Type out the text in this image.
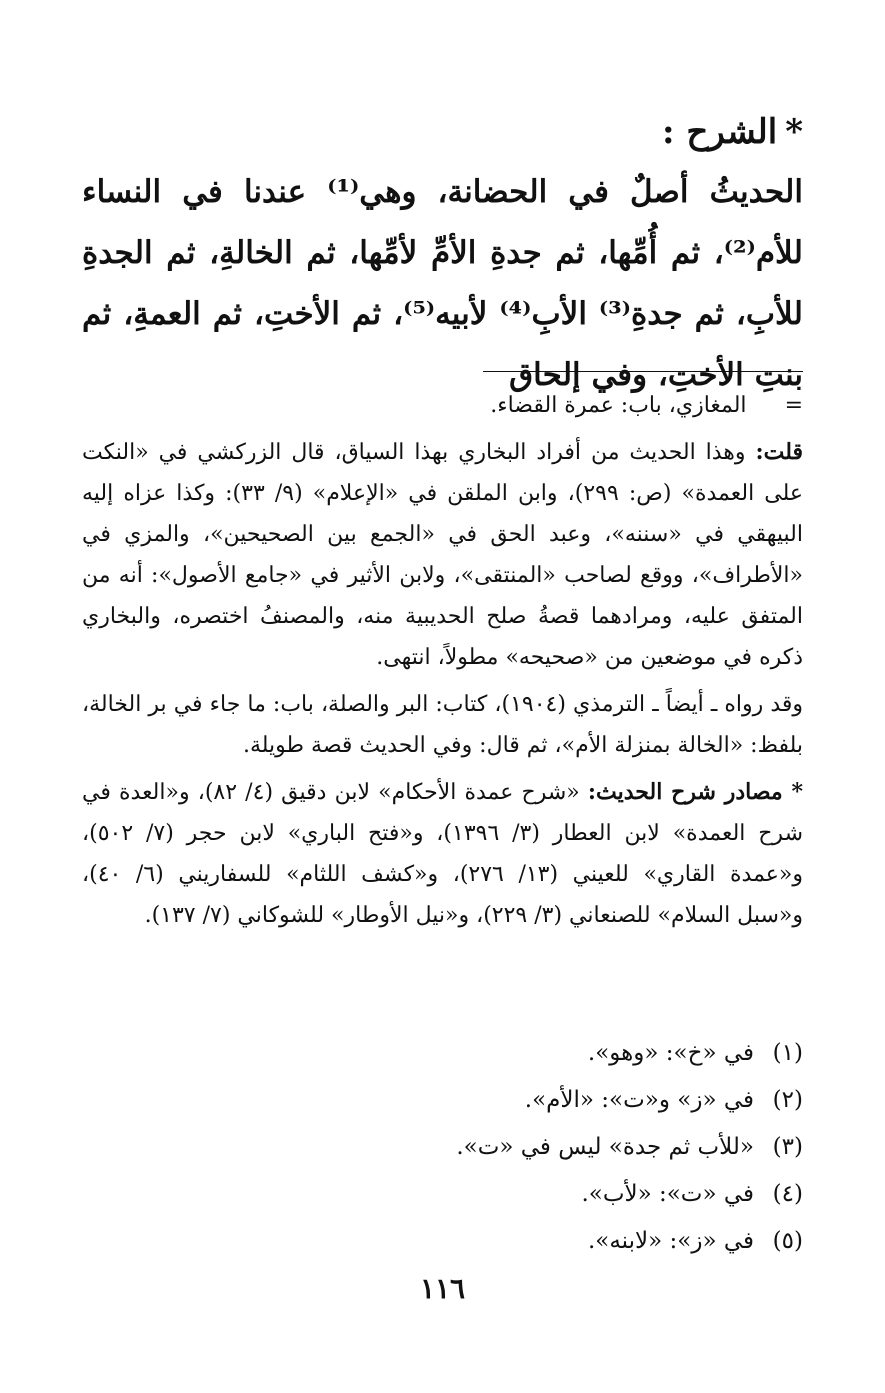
*الشرح :
الحديثُ أصلٌ في الحضانة، وهي⁽¹⁾ عندنا في النساء للأم⁽²⁾، ثم أُمِّها، ثم جدةِ الأمِّ لأمِّها، ثم الخالةِ، ثم الجدةِ للأبِ، ثم جدةِ⁽³⁾ الأبِ⁽⁴⁾ لأبيه⁽⁵⁾، ثم الأختِ، ثم العمةِ، ثم بنتِ الأختِ، وفي إلحاق

=المغازي، باب: عمرة القضاء.

قلت: وهذا الحديث من أفراد البخاري بهذا السياق، قال الزركشي في «النكت على العمدة» (ص: ٢٩٩)، وابن الملقن في «الإعلام» (٩/ ٣٣): وكذا عزاه إليه البيهقي في «سننه»، وعبد الحق في «الجمع بين الصحيحين»، والمزي في «الأطراف»، ووقع لصاحب «المنتقى»، ولابن الأثير في «جامع الأصول»: أنه من المتفق عليه، ومرادهما قصةُ صلح الحديبية منه، والمصنفُ اختصره، والبخاري ذكره في موضعين من «صحيحه» مطولاً، انتهى.

وقد رواه ـ أيضاً ـ الترمذي (١٩٠٤)، كتاب: البر والصلة، باب: ما جاء في بر الخالة، بلفظ: «الخالة بمنزلة الأم»، ثم قال: وفي الحديث قصة طويلة.

* مصادر شرح الحديث: «شرح عمدة الأحكام» لابن دقيق (٤/ ٨٢)، و«العدة في شرح العمدة» لابن العطار (٣/ ١٣٩٦)، و«فتح الباري» لابن حجر (٧/ ٥٠٢)، و«عمدة القاري» للعيني (١٣/ ٢٧٦)، و«كشف اللثام» للسفاريني (٦/ ٤٠)، و«سبل السلام» للصنعاني (٣/ ٢٢٩)، و«نيل الأوطار» للشوكاني (٧/ ١٣٧).

(١)
في «خ»: «وهو».
(٢)
في «ز» و«ت»: «الأم».
(٣)
«للأب ثم جدة» ليس في «ت».
(٤)
في «ت»: «لأب».
(٥)
في «ز»: «لابنه».
١١٦
